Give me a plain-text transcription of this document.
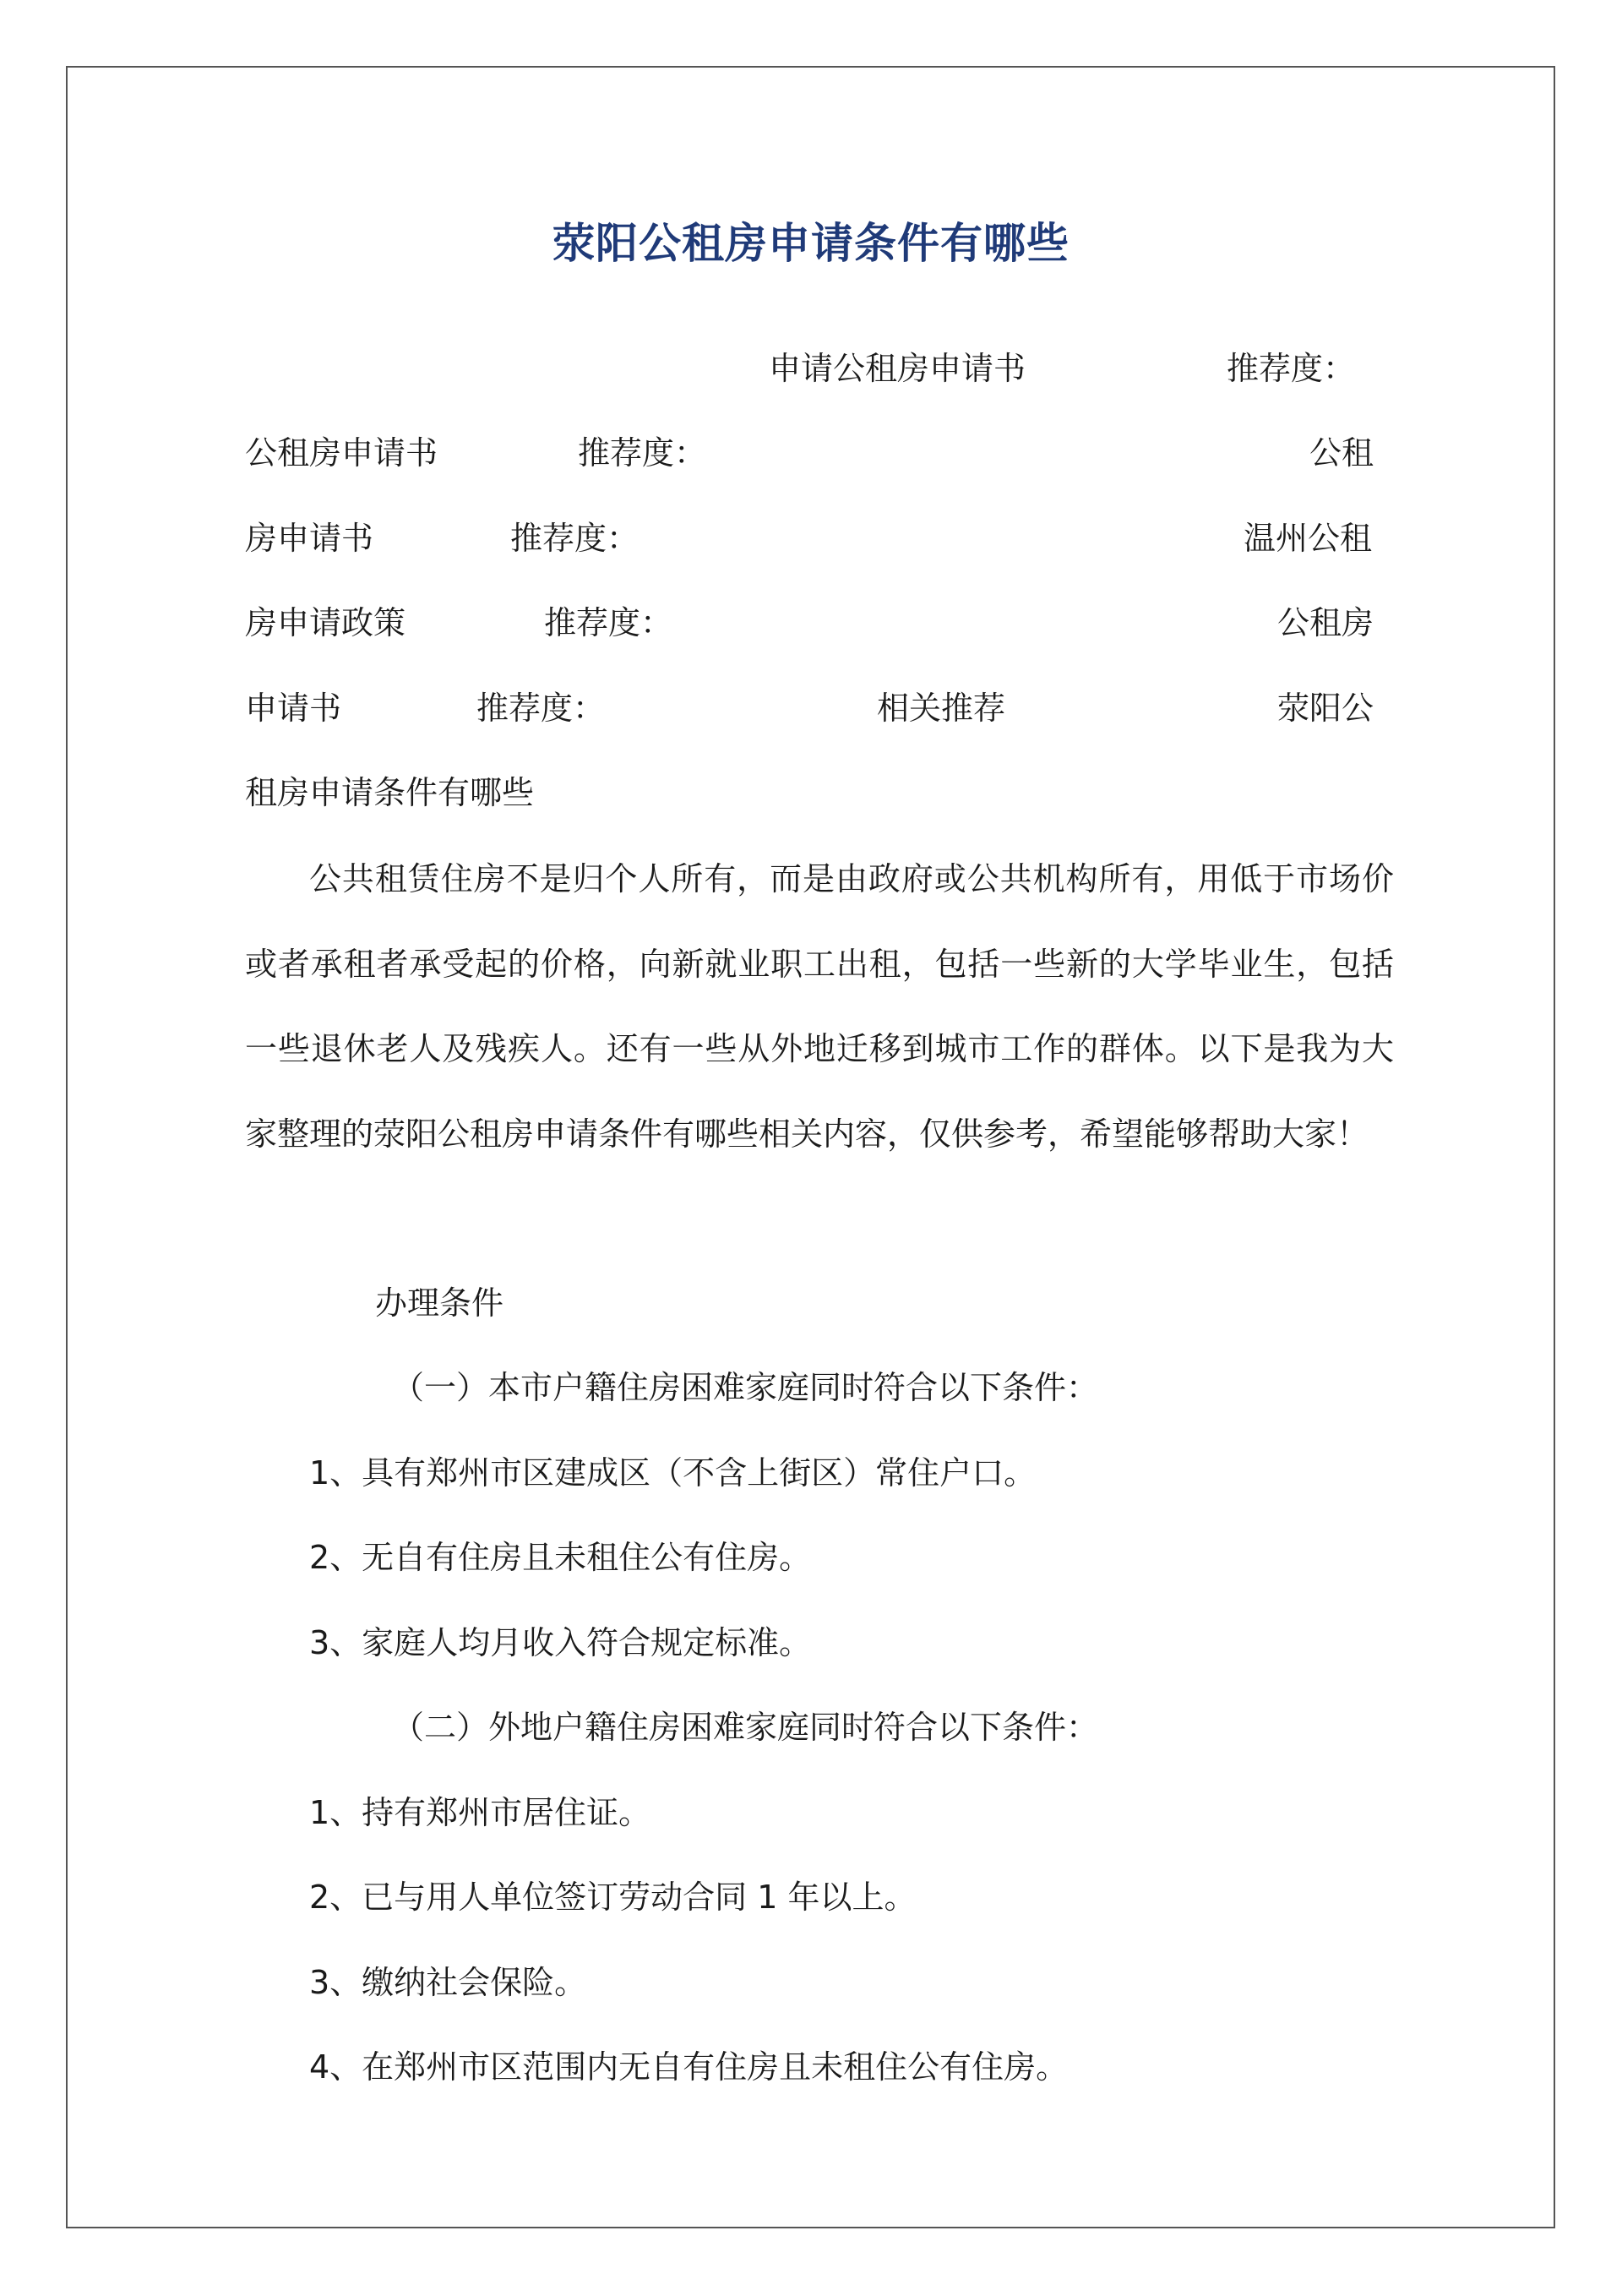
荥阳公租房申请条件有哪些
申请公租房申请书	推荐度：
公租房申请书	推荐度：	公租
房申请书	推荐度：	温州公租
房申请政策	推荐度：	公租房
申请书	推荐度：	相关推荐	荥阳公
租房申请条件有哪些

公共租赁住房不是归个人所有，而是由政府或公共机构所有，用低于市场价或者承租者承受起的价格，向新就业职工出租，包括一些新的大学毕业生，包括一些退休老人及残疾人。还有一些从外地迁移到城市工作的群体。以下是我为大家整理的荥阳公租房申请条件有哪些相关内容，仅供参考，希望能够帮助大家！

办理条件
（一）本市户籍住房困难家庭同时符合以下条件：
1、具有郑州市区建成区（不含上街区）常住户口。
2、无自有住房且未租住公有住房。
3、家庭人均月收入符合规定标准。
（二）外地户籍住房困难家庭同时符合以下条件：
1、持有郑州市居住证。
2、已与用人单位签订劳动合同 1 年以上。
3、缴纳社会保险。
4、在郑州市区范围内无自有住房且未租住公有住房。
